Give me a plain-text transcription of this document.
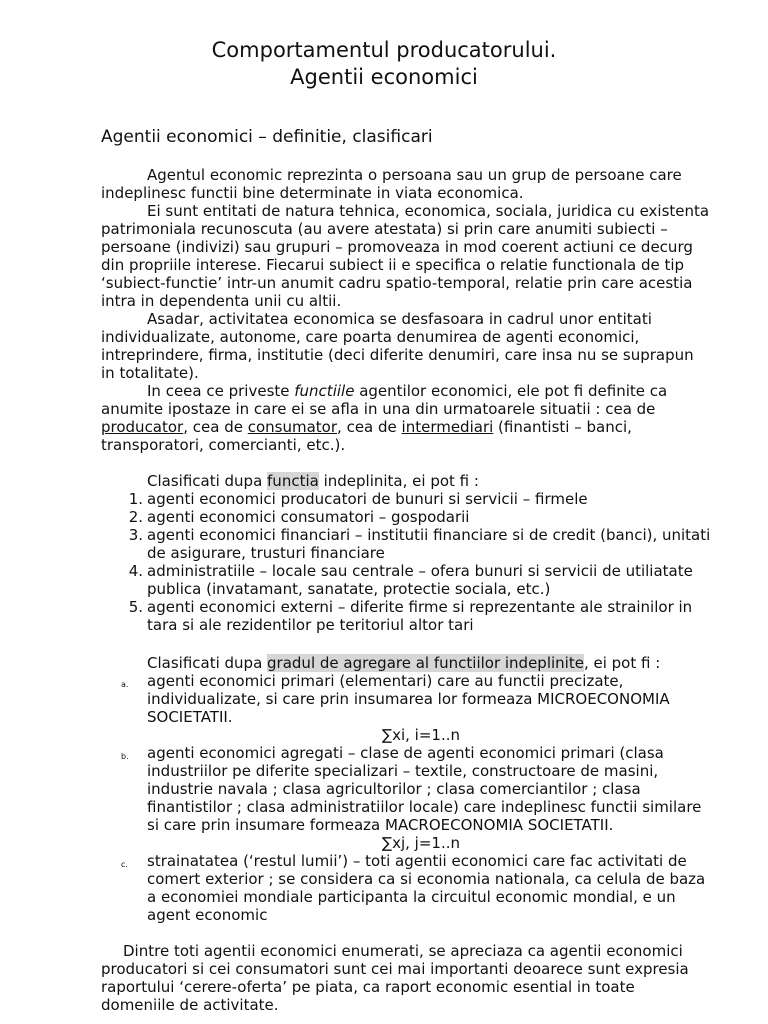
Comportamentul producatorului.
Agentii economici
Agentii economici – definitie, clasificari
Agentul economic reprezinta o persoana sau un grup de persoane care
indeplinesc functii bine determinate in viata economica.
Ei sunt entitati de natura tehnica, economica, sociala, juridica cu existenta
patrimoniala recunoscuta (au avere atestata) si prin care anumiti subiecti –
persoane (indivizi) sau grupuri – promoveaza in mod coerent actiuni ce decurg
din propriile interese. Fiecarui subiect ii e specifica o relatie functionala de tip
‘subiect-functie’ intr-un anumit cadru spatio-temporal, relatie prin care acestia
intra in dependenta unii cu altii.
Asadar, activitatea economica se desfasoara in cadrul unor entitati
individualizate, autonome, care poarta denumirea de agenti economici,
intreprindere, firma, institutie (deci diferite denumiri, care insa nu se suprapun
in totalitate).
In ceea ce priveste functiile agentilor economici, ele pot fi definite ca
anumite ipostaze in care ei se afla in una din urmatoarele situatii : cea de
producator, cea de consumator, cea de intermediari (finantisti – banci,
transporatori, comercianti, etc.).
Clasificati dupa functia indeplinita, ei pot fi :
1. agenti economici producatori de bunuri si servicii – firmele
2. agenti economici consumatori – gospodarii
3. agenti economici financiari – institutii financiare si de credit (banci), unitati
de asigurare, trusturi financiare
4. administratiile – locale sau centrale – ofera bunuri si servicii de utiliatate
publica (invatamant, sanatate, protectie sociala, etc.)
5. agenti economici externi – diferite firme si reprezentante ale strainilor in
tara si ale rezidentilor pe teritoriul altor tari
Clasificati dupa gradul de agregare al functiilor indeplinite, ei pot fi :
a. agenti economici primari (elementari) care au functii precizate,
individualizate, si care prin insumarea lor formeaza MICROECONOMIA
SOCIETATII.
∑xi, i=1..n
b. agenti economici agregati – clase de agenti economici primari (clasa
industriilor pe diferite specializari – textile, constructoare de masini,
industrie navala ; clasa agricultorilor ; clasa comerciantilor ; clasa
finantistilor ; clasa administratiilor locale) care indeplinesc functii similare
si care prin insumare formeaza MACROECONOMIA SOCIETATII.
∑xj, j=1..n
c. strainatatea (‘restul lumii’) – toti agentii economici care fac activitati de
comert exterior ; se considera ca si economia nationala, ca celula de baza
a economiei mondiale participanta la circuitul economic mondial, e un
agent economic
Dintre toti agentii economici enumerati, se apreciaza ca agentii economici
producatori si cei consumatori sunt cei mai importanti deoarece sunt expresia
raportului ‘cerere-oferta’ pe piata, ca raport economic esential in toate
domeniile de activitate.
